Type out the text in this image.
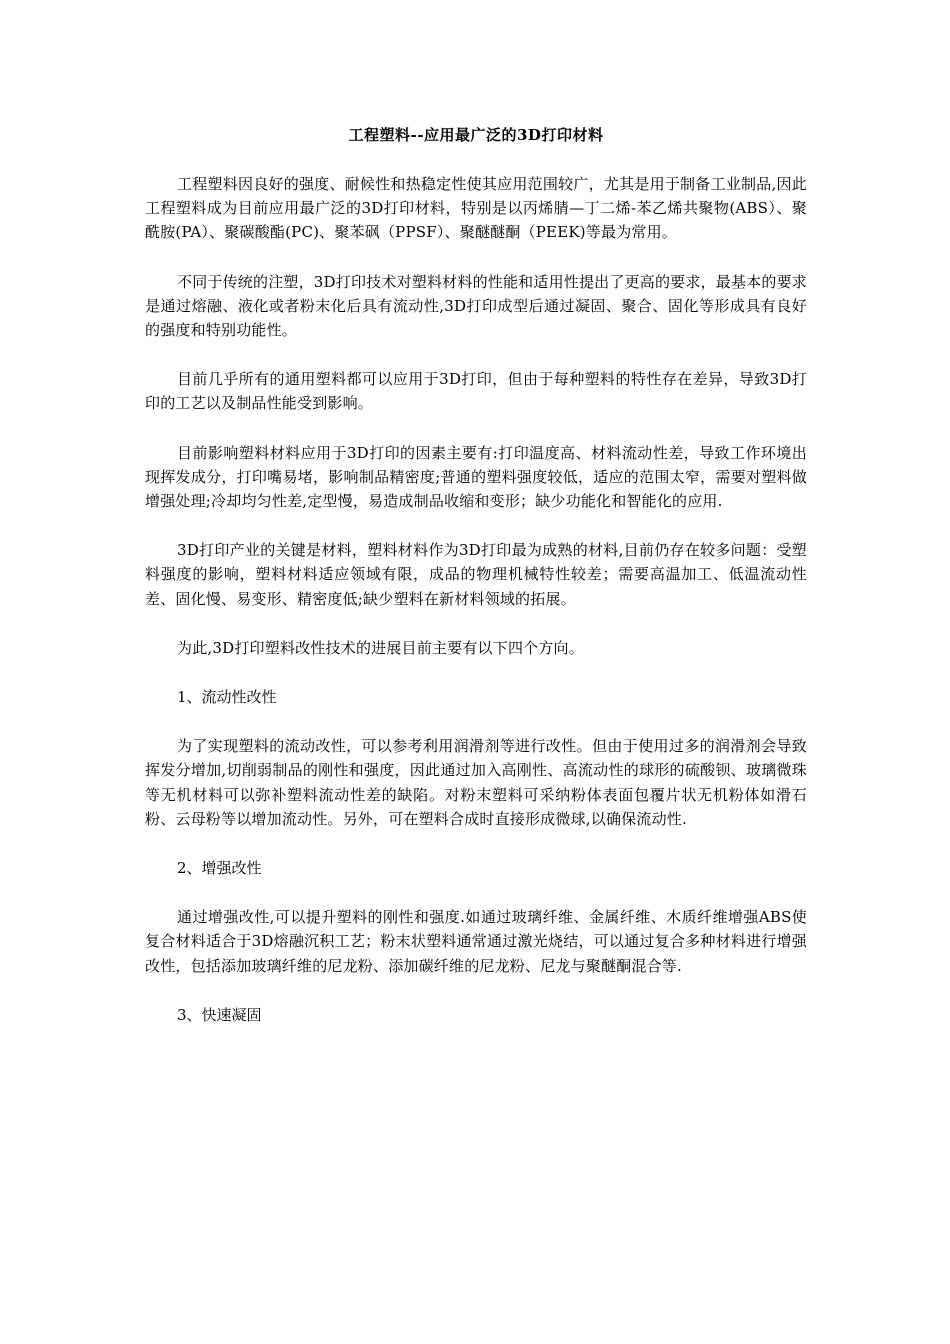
工程塑料--应用最广泛的3D打印材料

工程塑料因良好的强度、耐候性和热稳定性使其应用范围较广，尤其是用于制备工业制品,因此工程塑料成为目前应用最广泛的3D打印材料，特别是以丙烯腈—丁二烯-苯乙烯共聚物(ABS）、聚酰胺(PA）、聚碳酸酯(PC)、聚苯砜（PPSF）、聚醚醚酮（PEEK)等最为常用。

不同于传统的注塑，3D打印技术对塑料材料的性能和适用性提出了更高的要求，最基本的要求是通过熔融、液化或者粉末化后具有流动性,3D打印成型后通过凝固、聚合、固化等形成具有良好的强度和特别功能性。

目前几乎所有的通用塑料都可以应用于3D打印，但由于每种塑料的特性存在差异，导致3D打印的工艺以及制品性能受到影响。

目前影响塑料材料应用于3D打印的因素主要有:打印温度高、材料流动性差，导致工作环境出现挥发成分，打印嘴易堵，影响制品精密度;普通的塑料强度较低，适应的范围太窄，需要对塑料做增强处理;冷却均匀性差,定型慢，易造成制品收缩和变形；缺少功能化和智能化的应用.

3D打印产业的关键是材料，塑料材料作为3D打印最为成熟的材料,目前仍存在较多问题：受塑料强度的影响，塑料材料适应领域有限，成品的物理机械特性较差；需要高温加工、低温流动性差、固化慢、易变形、精密度低;缺少塑料在新材料领域的拓展。

为此,3D打印塑料改性技术的进展目前主要有以下四个方向。

1、流动性改性

为了实现塑料的流动改性，可以参考利用润滑剂等进行改性。但由于使用过多的润滑剂会导致挥发分增加,切削弱制品的刚性和强度，因此通过加入高刚性、高流动性的球形的硫酸钡、玻璃微珠等无机材料可以弥补塑料流动性差的缺陷。对粉末塑料可采纳粉体表面包覆片状无机粉体如滑石粉、云母粉等以增加流动性。另外，可在塑料合成时直接形成微球,以确保流动性.

2、增强改性

通过增强改性,可以提升塑料的刚性和强度.如通过玻璃纤维、金属纤维、木质纤维增强ABS使复合材料适合于3D熔融沉积工艺；粉末状塑料通常通过激光烧结，可以通过复合多种材料进行增强改性，包括添加玻璃纤维的尼龙粉、添加碳纤维的尼龙粉、尼龙与聚醚酮混合等.

3、快速凝固
